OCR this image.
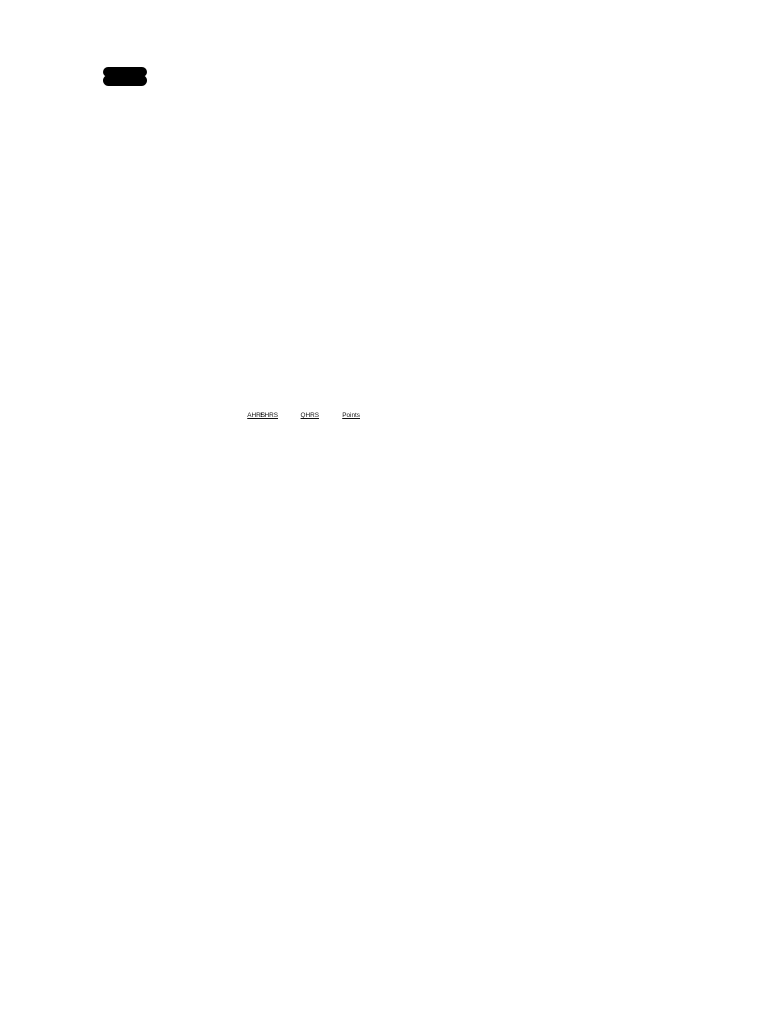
AHRS
EHRS	QHRS	Points
